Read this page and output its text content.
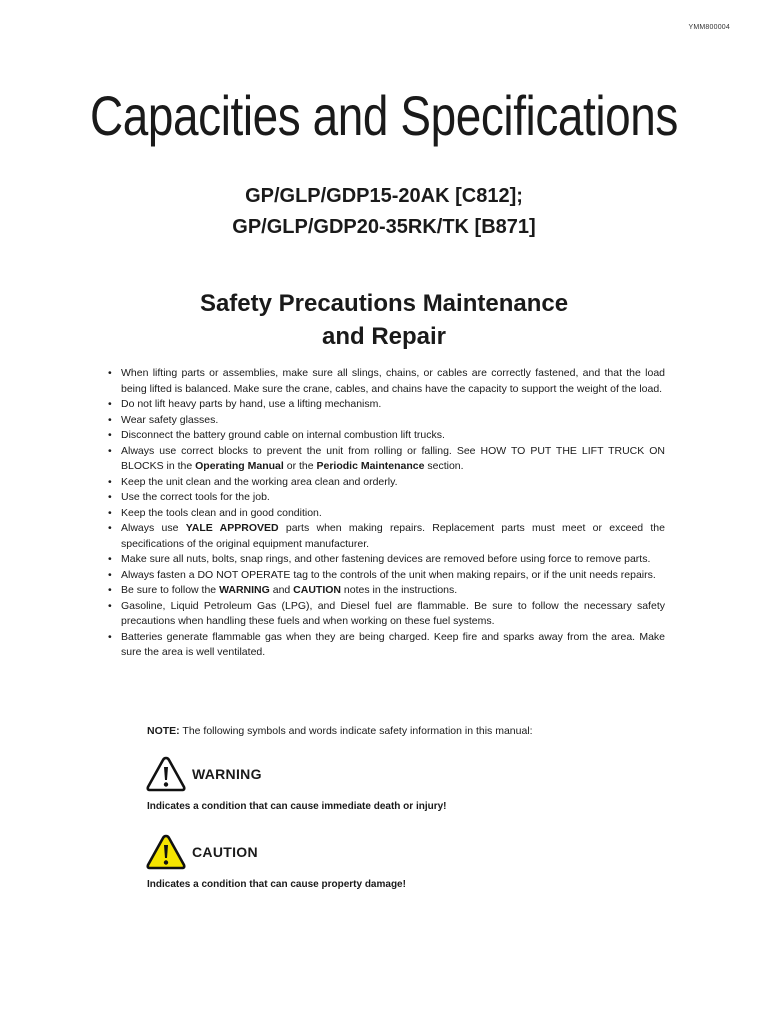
YMM800004
Capacities and Specifications
GP/GLP/GDP15-20AK [C812];
GP/GLP/GDP20-35RK/TK [B871]
Safety Precautions Maintenance
and Repair
• When lifting parts or assemblies, make sure all slings, chains, or cables are correctly fastened, and that the load being lifted is balanced. Make sure the crane, cables, and chains have the capacity to support the weight of the load.
• Do not lift heavy parts by hand, use a lifting mechanism.
• Wear safety glasses.
• Disconnect the battery ground cable on internal combustion lift trucks.
• Always use correct blocks to prevent the unit from rolling or falling. See HOW TO PUT THE LIFT TRUCK ON BLOCKS in the Operating Manual or the Periodic Maintenance section.
• Keep the unit clean and the working area clean and orderly.
• Use the correct tools for the job.
• Keep the tools clean and in good condition.
• Always use YALE APPROVED parts when making repairs. Replacement parts must meet or exceed the specifications of the original equipment manufacturer.
• Make sure all nuts, bolts, snap rings, and other fastening devices are removed before using force to remove parts.
• Always fasten a DO NOT OPERATE tag to the controls of the unit when making repairs, or if the unit needs repairs.
• Be sure to follow the WARNING and CAUTION notes in the instructions.
• Gasoline, Liquid Petroleum Gas (LPG), and Diesel fuel are flammable. Be sure to follow the necessary safety precautions when handling these fuels and when working on these fuel systems.
• Batteries generate flammable gas when they are being charged. Keep fire and sparks away from the area. Make sure the area is well ventilated.
NOTE: The following symbols and words indicate safety information in this manual:
WARNING
Indicates a condition that can cause immediate death or injury!
CAUTION
Indicates a condition that can cause property damage!
